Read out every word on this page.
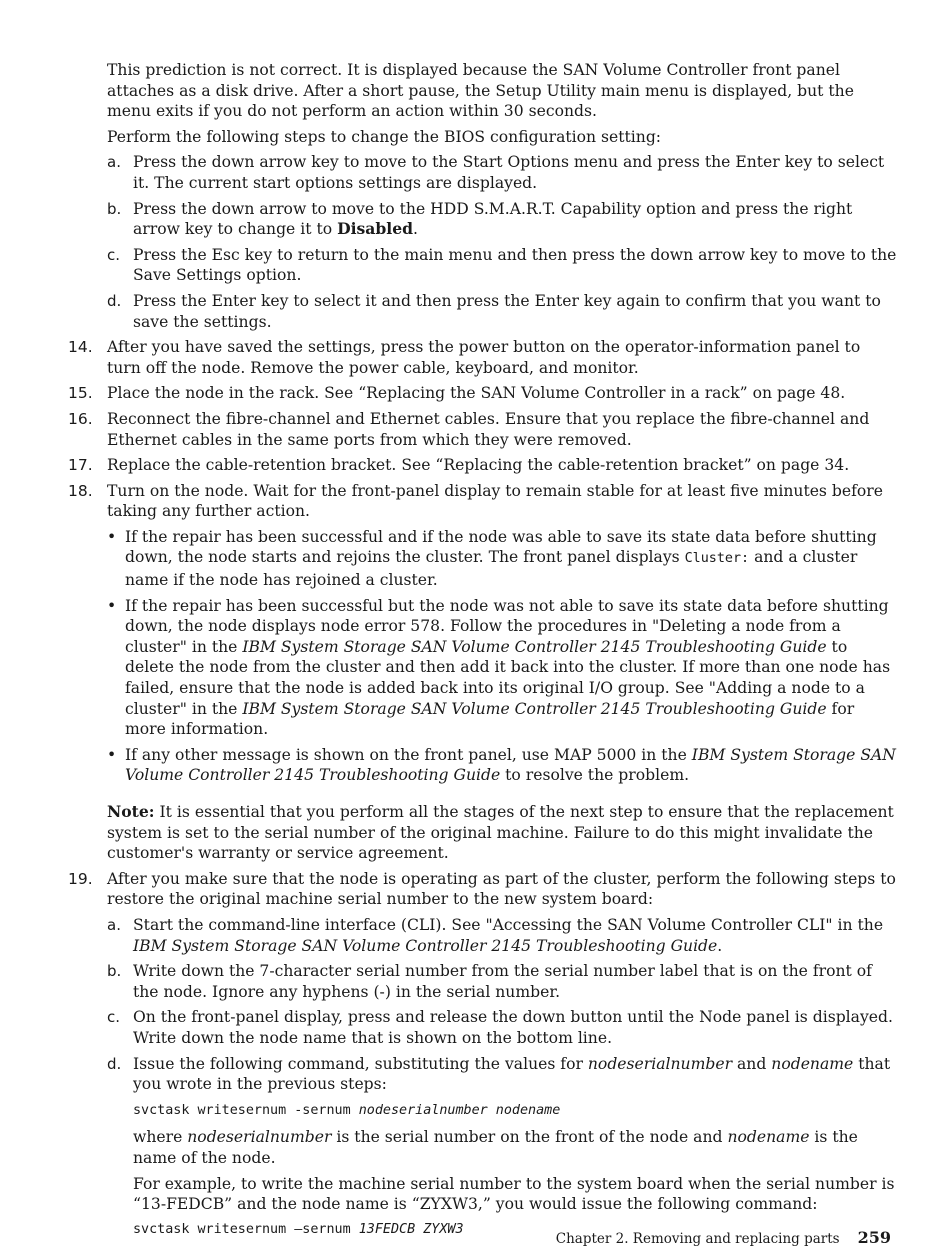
This prediction is not correct. It is displayed because the SAN Volume Controller front panel attaches as a disk drive. After a short pause, the Setup Utility main menu is displayed, but the menu exits if you do not perform an action within 30 seconds.

Perform the following steps to change the BIOS configuration setting:

a. Press the down arrow key to move to the Start Options menu and press the Enter key to select it. The current start options settings are displayed.
b. Press the down arrow to move to the HDD S.M.A.R.T. Capability option and press the right arrow key to change it to Disabled.
c. Press the Esc key to return to the main menu and then press the down arrow key to move to the Save Settings option.
d. Press the Enter key to select it and then press the Enter key again to confirm that you want to save the settings.
14. After you have saved the settings, press the power button on the operator-information panel to turn off the node. Remove the power cable, keyboard, and monitor.
15. Place the node in the rack. See “Replacing the SAN Volume Controller in a rack” on page 48.
16. Reconnect the fibre-channel and Ethernet cables. Ensure that you replace the fibre-channel and Ethernet cables in the same ports from which they were removed.
17. Replace the cable-retention bracket. See “Replacing the cable-retention bracket” on page 34.
18. Turn on the node. Wait for the front-panel display to remain stable for at least five minutes before taking any further action.
• If the repair has been successful and if the node was able to save its state data before shutting down, the node starts and rejoins the cluster. The front panel displays Cluster: and a cluster name if the node has rejoined a cluster.
• If the repair has been successful but the node was not able to save its state data before shutting down, the node displays node error 578. Follow the procedures in "Deleting a node from a cluster" in the IBM System Storage SAN Volume Controller 2145 Troubleshooting Guide to delete the node from the cluster and then add it back into the cluster. If more than one node has failed, ensure that the node is added back into its original I/O group. See "Adding a node to a cluster" in the IBM System Storage SAN Volume Controller 2145 Troubleshooting Guide for more information.
• If any other message is shown on the front panel, use MAP 5000 in the IBM System Storage SAN Volume Controller 2145 Troubleshooting Guide to resolve the problem.

Note: It is essential that you perform all the stages of the next step to ensure that the replacement system is set to the serial number of the original machine. Failure to do this might invalidate the customer's warranty or service agreement.

19. After you make sure that the node is operating as part of the cluster, perform the following steps to restore the original machine serial number to the new system board:
a. Start the command-line interface (CLI). See "Accessing the SAN Volume Controller CLI" in the IBM System Storage SAN Volume Controller 2145 Troubleshooting Guide.
b. Write down the 7-character serial number from the serial number label that is on the front of the node. Ignore any hyphens (-) in the serial number.
c. On the front-panel display, press and release the down button until the Node panel is displayed. Write down the node name that is shown on the bottom line.
d. Issue the following command, substituting the values for nodeserialnumber and nodename that you wrote in the previous steps:
svctask writesernum -sernum nodeserialnumber nodename

where nodeserialnumber is the serial number on the front of the node and nodename is the name of the node.

For example, to write the machine serial number to the system board when the serial number is “13-FEDCB” and the node name is “ZYXW3,” you would issue the following command:

svctask writesernum –sernum 13FEDCB ZYXW3
Chapter 2. Removing and replacing parts 259
